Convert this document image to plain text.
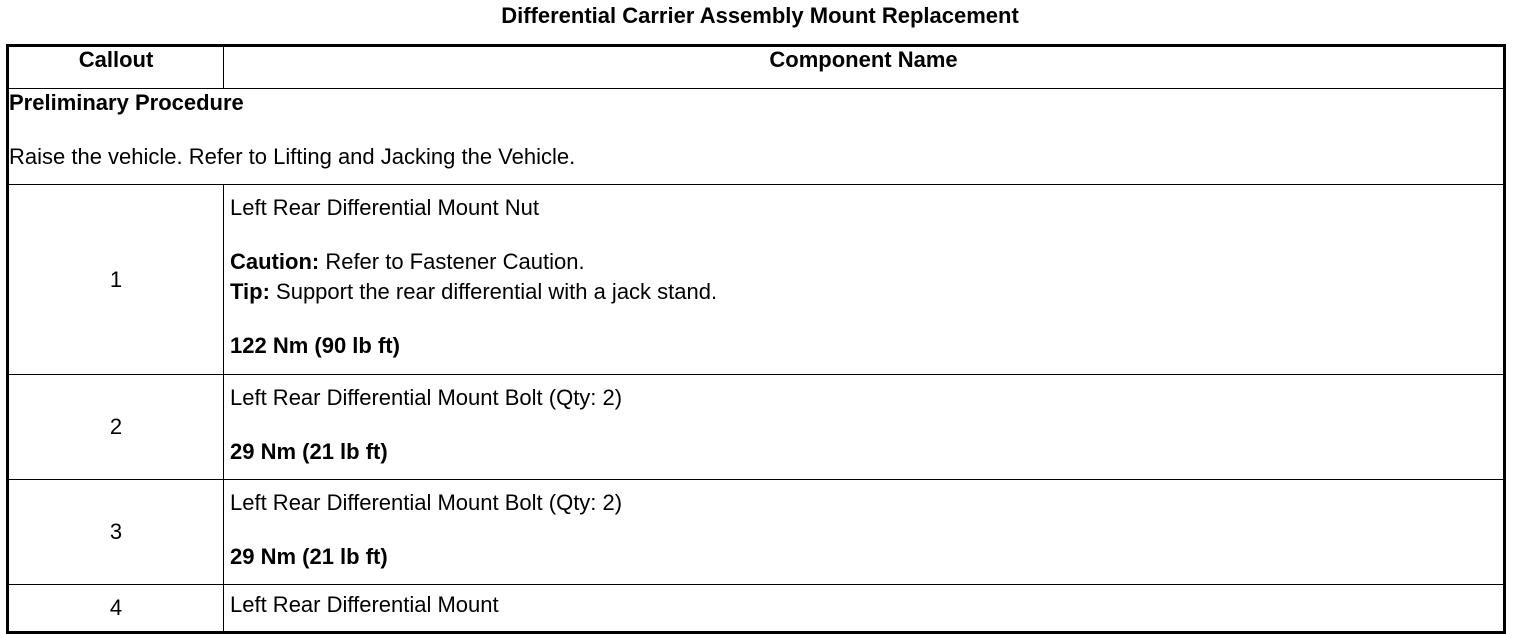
Differential Carrier Assembly Mount Replacement
Callout	Component Name

Preliminary Procedure
Raise the vehicle. Refer to Lifting and Jacking the Vehicle.	

1	Left Rear Differential Mount Nut
Caution: Refer to Fastener Caution.
Tip: Support the rear differential with a jack stand.
122 Nm (90 lb ft)

2	Left Rear Differential Mount Bolt (Qty: 2)
29 Nm (21 lb ft)

3	Left Rear Differential Mount Bolt (Qty: 2)
29 Nm (21 lb ft)

4	Left Rear Differential Mount
